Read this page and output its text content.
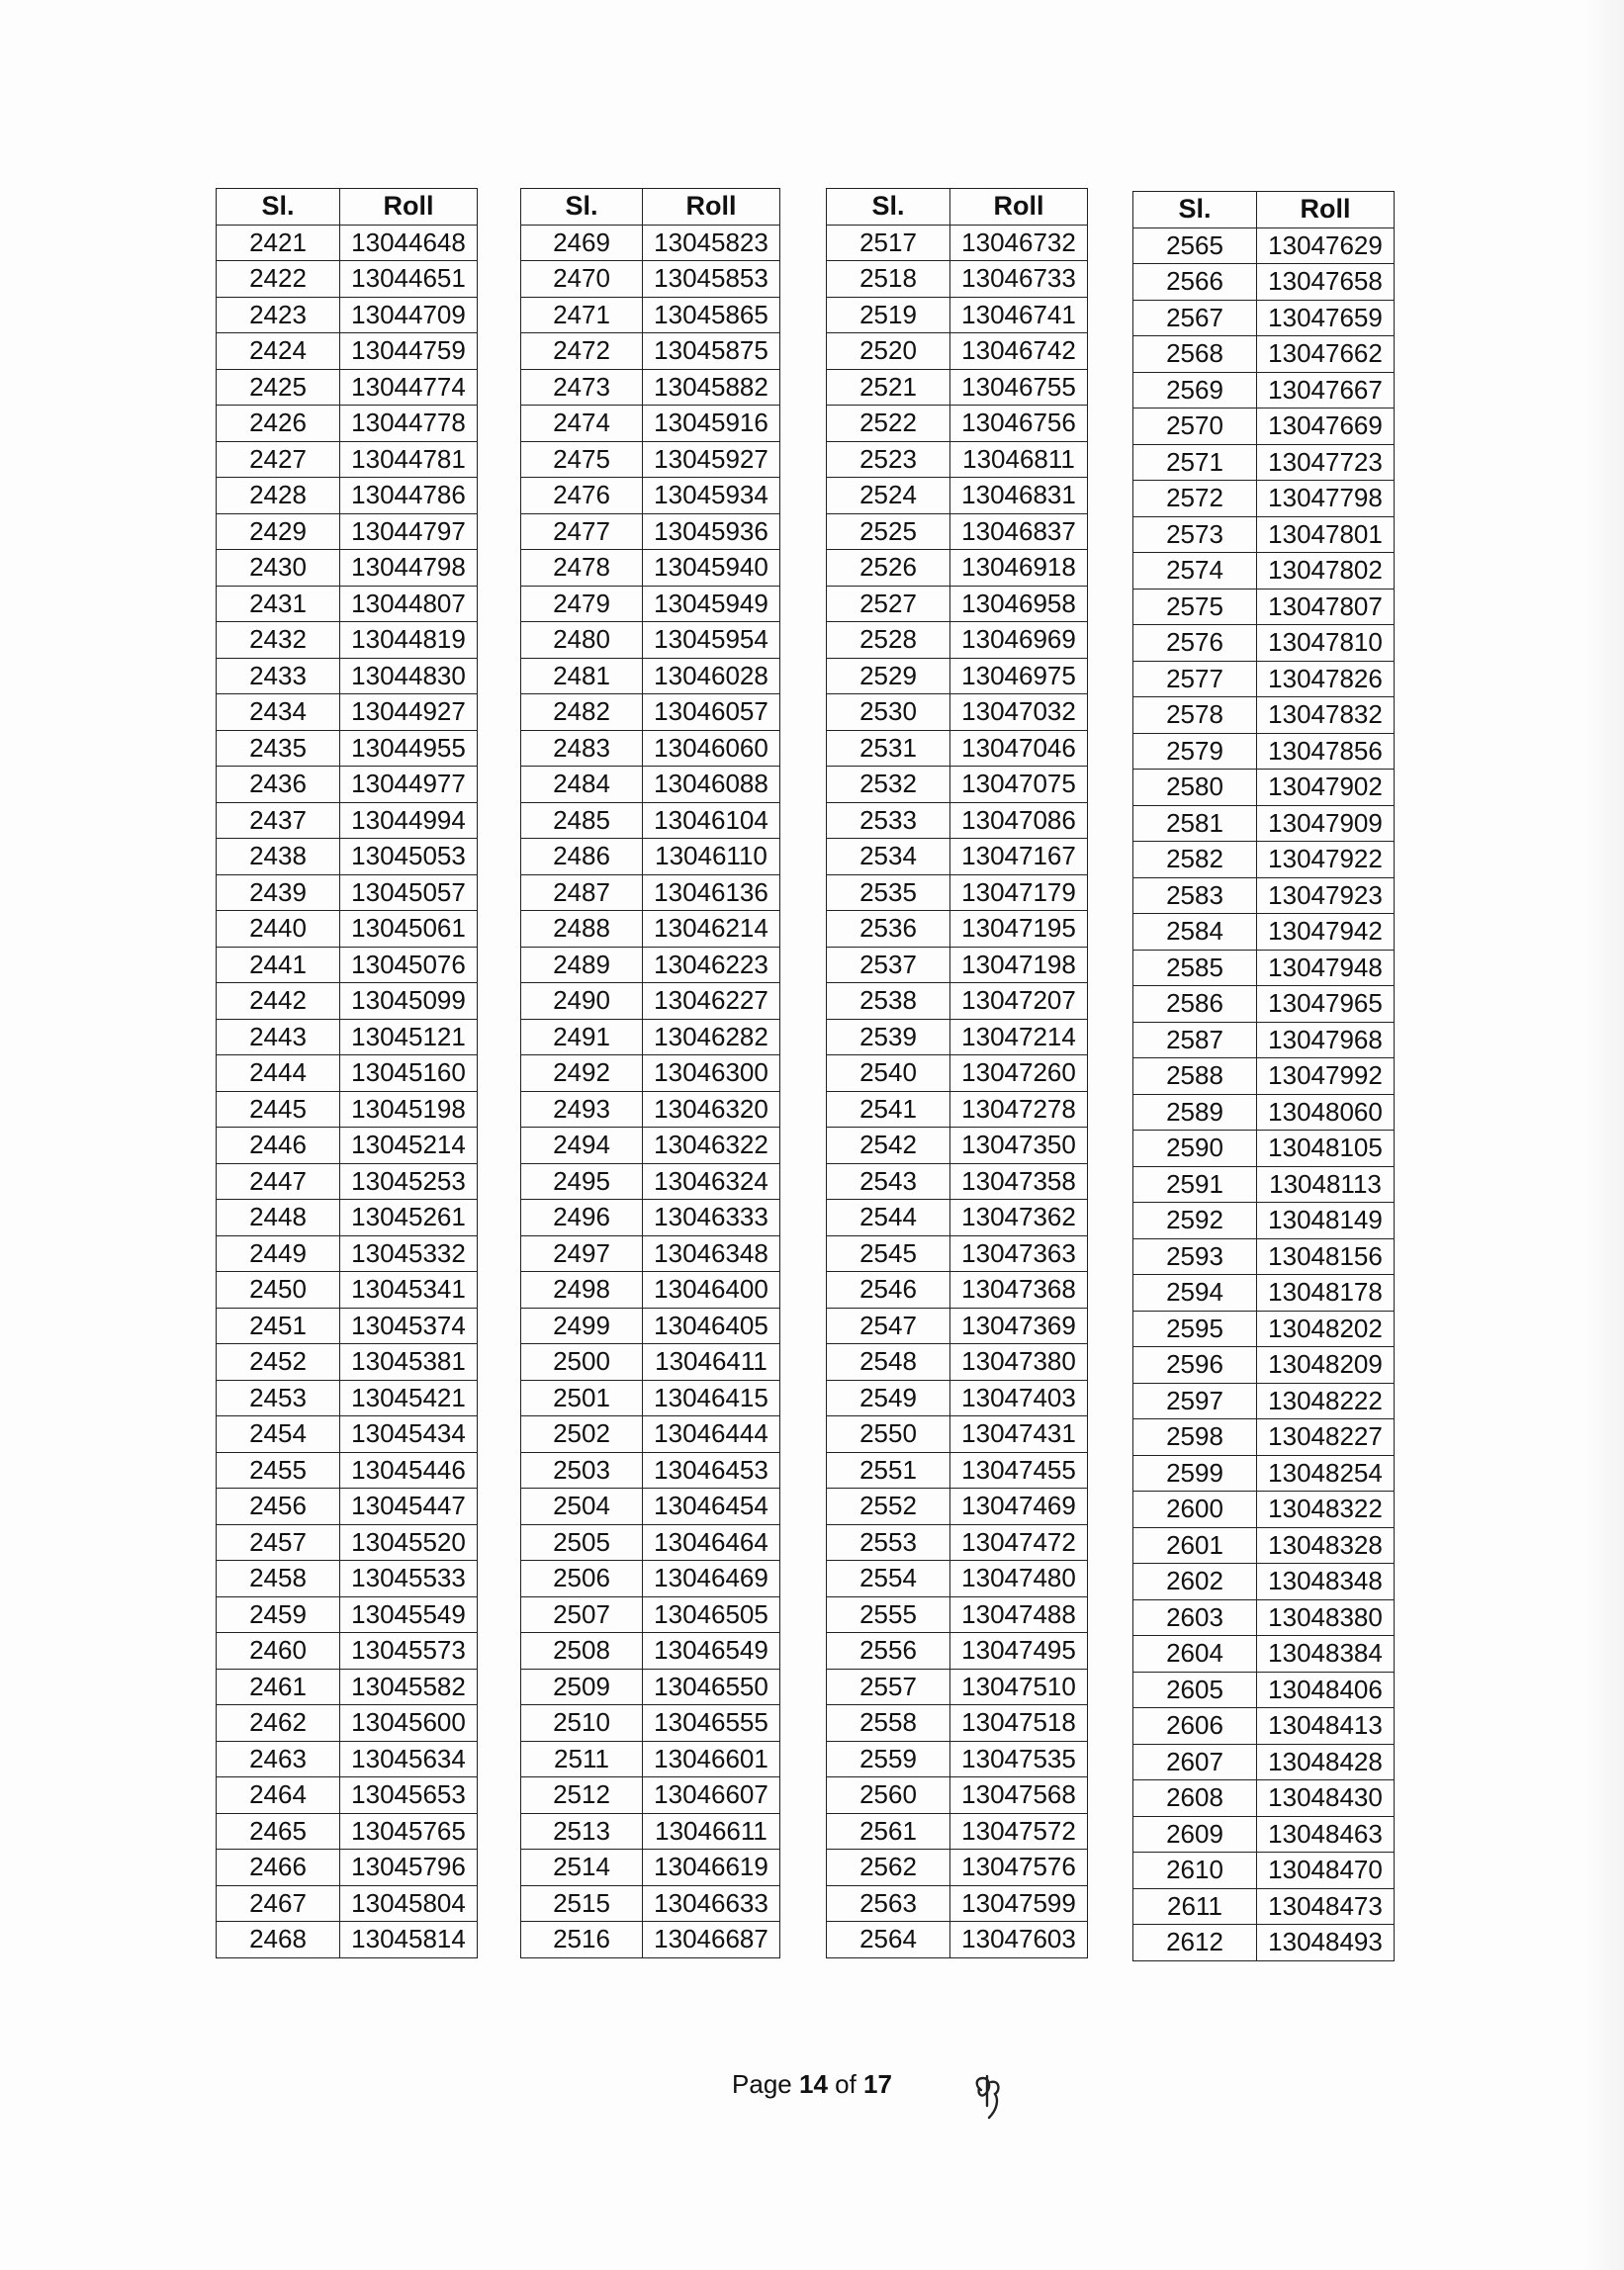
Sl.	Roll
2421	13044648
2422	13044651
2423	13044709
2424	13044759
2425	13044774
2426	13044778
2427	13044781
2428	13044786
2429	13044797
2430	13044798
2431	13044807
2432	13044819
2433	13044830
2434	13044927
2435	13044955
2436	13044977
2437	13044994
2438	13045053
2439	13045057
2440	13045061
2441	13045076
2442	13045099
2443	13045121
2444	13045160
2445	13045198
2446	13045214
2447	13045253
2448	13045261
2449	13045332
2450	13045341
2451	13045374
2452	13045381
2453	13045421
2454	13045434
2455	13045446
2456	13045447
2457	13045520
2458	13045533
2459	13045549
2460	13045573
2461	13045582
2462	13045600
2463	13045634
2464	13045653
2465	13045765
2466	13045796
2467	13045804
2468	13045814
Sl.	Roll
2469	13045823
2470	13045853
2471	13045865
2472	13045875
2473	13045882
2474	13045916
2475	13045927
2476	13045934
2477	13045936
2478	13045940
2479	13045949
2480	13045954
2481	13046028
2482	13046057
2483	13046060
2484	13046088
2485	13046104
2486	13046110
2487	13046136
2488	13046214
2489	13046223
2490	13046227
2491	13046282
2492	13046300
2493	13046320
2494	13046322
2495	13046324
2496	13046333
2497	13046348
2498	13046400
2499	13046405
2500	13046411
2501	13046415
2502	13046444
2503	13046453
2504	13046454
2505	13046464
2506	13046469
2507	13046505
2508	13046549
2509	13046550
2510	13046555
2511	13046601
2512	13046607
2513	13046611
2514	13046619
2515	13046633
2516	13046687
Sl.	Roll
2517	13046732
2518	13046733
2519	13046741
2520	13046742
2521	13046755
2522	13046756
2523	13046811
2524	13046831
2525	13046837
2526	13046918
2527	13046958
2528	13046969
2529	13046975
2530	13047032
2531	13047046
2532	13047075
2533	13047086
2534	13047167
2535	13047179
2536	13047195
2537	13047198
2538	13047207
2539	13047214
2540	13047260
2541	13047278
2542	13047350
2543	13047358
2544	13047362
2545	13047363
2546	13047368
2547	13047369
2548	13047380
2549	13047403
2550	13047431
2551	13047455
2552	13047469
2553	13047472
2554	13047480
2555	13047488
2556	13047495
2557	13047510
2558	13047518
2559	13047535
2560	13047568
2561	13047572
2562	13047576
2563	13047599
2564	13047603
Sl.	Roll
2565	13047629
2566	13047658
2567	13047659
2568	13047662
2569	13047667
2570	13047669
2571	13047723
2572	13047798
2573	13047801
2574	13047802
2575	13047807
2576	13047810
2577	13047826
2578	13047832
2579	13047856
2580	13047902
2581	13047909
2582	13047922
2583	13047923
2584	13047942
2585	13047948
2586	13047965
2587	13047968
2588	13047992
2589	13048060
2590	13048105
2591	13048113
2592	13048149
2593	13048156
2594	13048178
2595	13048202
2596	13048209
2597	13048222
2598	13048227
2599	13048254
2600	13048322
2601	13048328
2602	13048348
2603	13048380
2604	13048384
2605	13048406
2606	13048413
2607	13048428
2608	13048430
2609	13048463
2610	13048470
2611	13048473
2612	13048493
Page 14 of 17
